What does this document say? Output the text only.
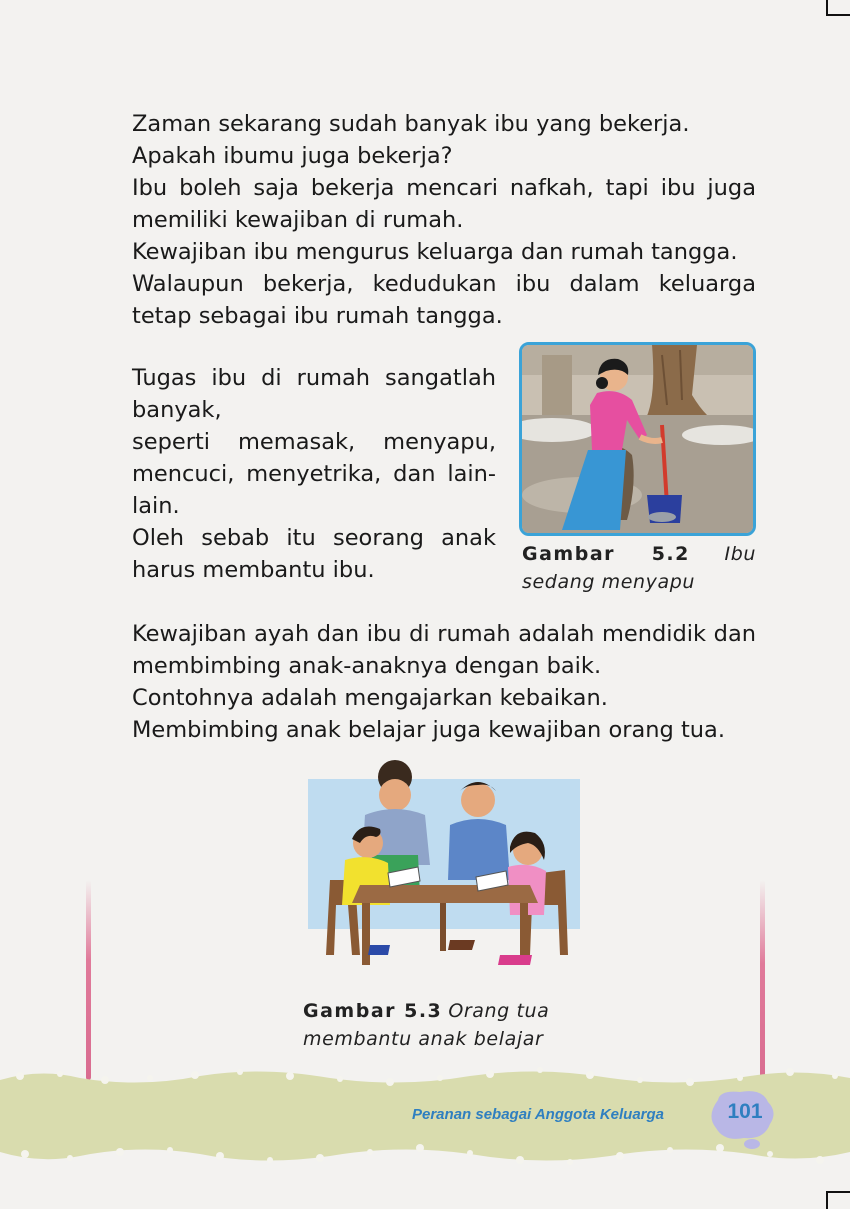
Zaman sekarang sudah banyak ibu yang bekerja.

Apakah ibumu juga bekerja?

Ibu boleh saja bekerja mencari nafkah, tapi ibu juga memiliki kewajiban di rumah.

Kewajiban ibu mengurus keluarga dan rumah tangga.

Walaupun bekerja, kedudukan ibu dalam keluarga tetap sebagai ibu rumah tangga.

Tugas ibu di rumah sangatlah banyak,

seperti memasak, menyapu, mencuci, menyetrika, dan lain-lain.

Oleh sebab itu seorang anak harus membantu ibu.

Gambar 5.2 Ibu sedang menyapu

Kewajiban ayah dan ibu di rumah adalah mendidik dan membimbing anak-anaknya dengan baik.

Contohnya adalah mengajarkan kebaikan.

Membimbing anak belajar juga kewajiban orang tua.

Gambar 5.3 Orang tua membantu anak belajar
Peranan sebagai Anggota Keluarga	101
